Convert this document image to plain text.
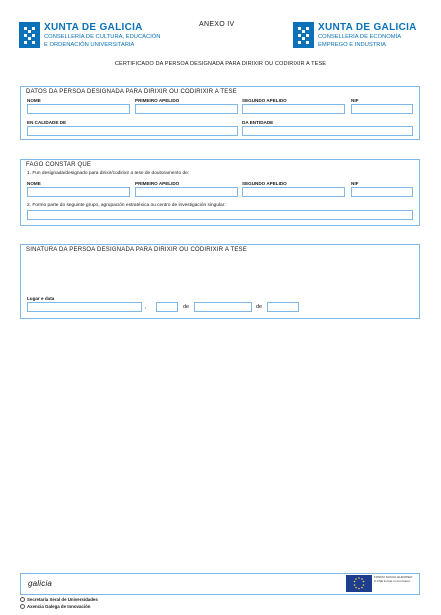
XUNTA DE GALICIA
CONSELLERÍA DE CULTURA, EDUCACIÓN
E ORDENACIÓN UNIVERSITARIA
ANEXO IV	XUNTA DE GALICIA
CONSELLERÍA DE ECONOMÍA
EMPREGO E INDUSTRIA
CERTIFICADO DA PERSOA DESIGNADA PARA DIRIXIR OU CODIRIXIR A TESE
DATOS DA PERSOA DESIGNADA PARA DIRIXIR OU CODIRIXIR A TESE
NOME	PRIMEIRO APELIDO	SEGUNDO APELIDO	NIF
EN CALIDADE DE	DA ENTIDADE
FAGO CONSTAR QUE
1. Fun designada/designado para dirixir/codirixir a tese de doutoramento de:
NOME	PRIMEIRO APELIDO	SEGUNDO APELIDO	NIF
2. Formo parte do seguinte grupo, agrupación estratéxica ou centro de investigación singular:
SINATURA DA PERSOA DESIGNADA PARA DIRIXIR OU CODIRIXIR A TESE
Lugar e data
,	de	de
galicia
FONDO SOCIAL EUROPEO
O FSE inviste no teu futuro
Secretaría Xeral de Universidades
Axencia Galega de Innovación
